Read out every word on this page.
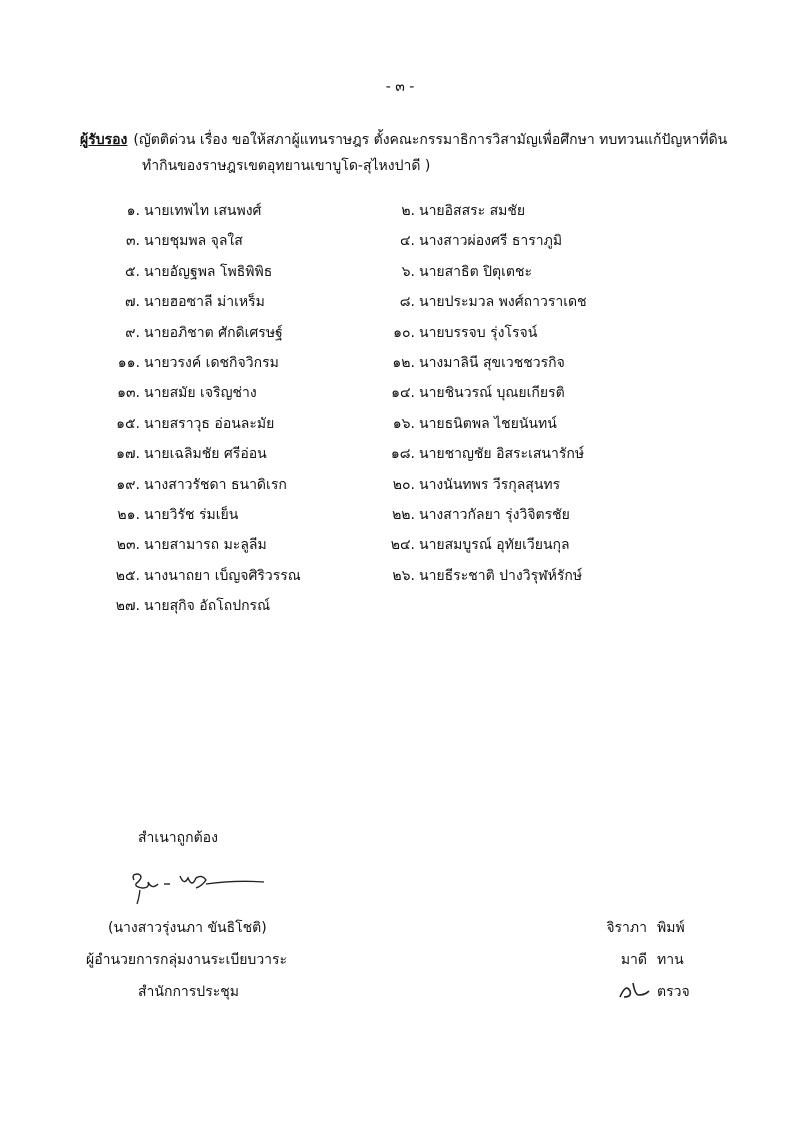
- ๓ -
ผู้รับรอง (ญัตติด่วน เรื่อง ขอให้สภาผู้แทนราษฎร ตั้งคณะกรรมาธิการวิสามัญเพื่อศึกษา ทบทวนแก้ปัญหาที่ดิน
ทำกินของราษฎรเขตอุทยานเขาบูโด-สุไหงปาดี )
๑. นายเทพไท เสนพงศ์	๒. นายอิสสระ สมชัย
๓. นายชุมพล จุลใส	๔. นางสาวผ่องศรี ธาราภูมิ
๕. นายอัญฐพล โพธิพิพิธ	๖. นายสาธิต ปิตุเตชะ
๗. นายฮอซาลี ม่าเหร็ม	๘. นายประมวล พงศ์ถาวราเดช
๙. นายอภิชาต ศักดิเศรษฐ์	๑๐. นายบรรจบ รุ่งโรจน์
๑๑. นายวรงค์ เดชกิจวิกรม	๑๒. นางมาลินี สุขเวชชวรกิจ
๑๓. นายสมัย เจริญช่าง	๑๔. นายชินวรณ์ บุณยเกียรติ
๑๕. นายสราวุธ อ่อนละมัย	๑๖. นายธนิตพล ไชยนันทน์
๑๗. นายเฉลิมชัย ศรีอ่อน	๑๘. นายชาญชัย อิสระเสนารักษ์
๑๙. นางสาวรัชดา ธนาดิเรก	๒๐. นางนันทพร วีรกุลสุนทร
๒๑. นายวิรัช ร่มเย็น	๒๒. นางสาวกัลยา รุ่งวิจิตรชัย
๒๓. นายสามารถ มะลูลีม	๒๔. นายสมบูรณ์ อุทัยเวียนกุล
๒๕. นางนาถยา เบ็ญจศิริวรรณ	๒๖. นายธีระชาติ ปางวิรุฬห์รักษ์
๒๗. นายสุกิจ อัถโถปกรณ์
สำเนาถูกต้อง
(นางสาวรุ่งนภา ขันธิโชติ)
ผู้อำนวยการกลุ่มงานระเบียบวาระ
สำนักการประชุม
จิราภา พิมพ์
มาดี ทาน
ตรวจ
